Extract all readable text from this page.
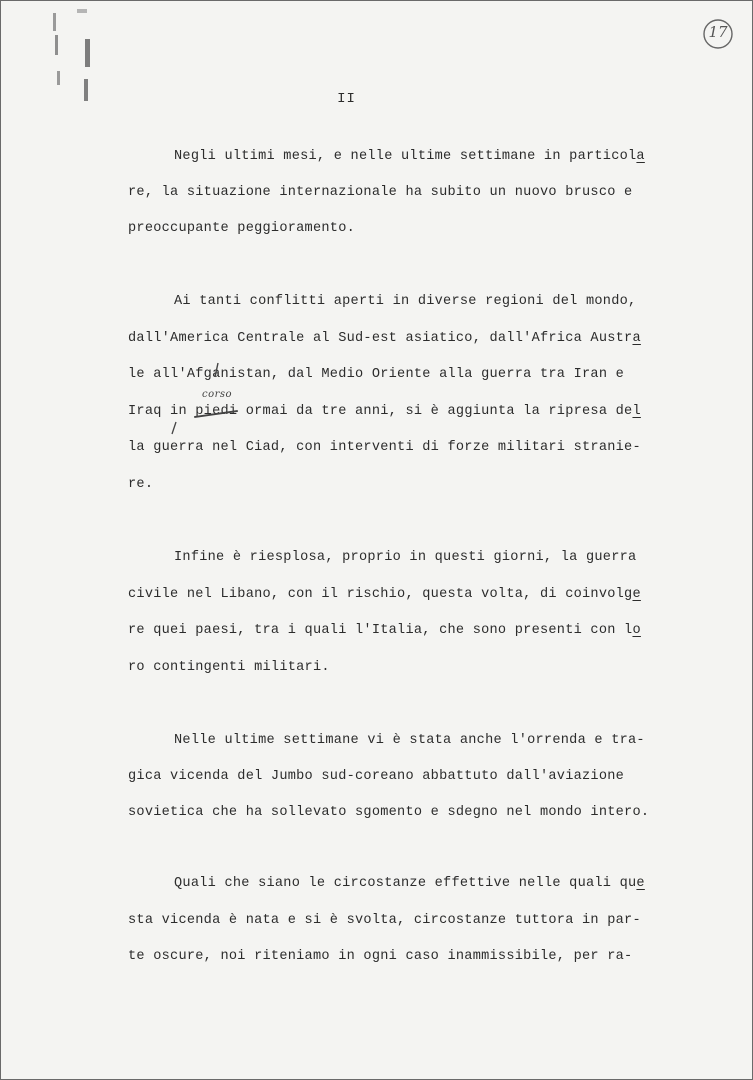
17
II
Negli ultimi mesi, e nelle ultime settimane in particola
re, la situazione internazionale ha subito un nuovo brusco e
preoccupante peggioramento.
Ai tanti conflitti aperti in diverse regioni del mondo,
dall'America Centrale al Sud-est asiatico, dall'Africa Austra
le all'Afganistan, dal Medio Oriente alla guerra tra Iran e
corso
Iraq in piedi ormai da tre anni, si è aggiunta la ripresa del
la guerra nel Ciad, con interventi di forze militari stranie-
re.
Infine è riesplosa, proprio in questi giorni, la guerra
civile nel Libano, con il rischio, questa volta, di coinvolge
re quei paesi, tra i quali l'Italia, che sono presenti con lo
ro contingenti militari.
Nelle ultime settimane vi è stata anche l'orrenda e tra-
gica vicenda del Jumbo sud-coreano abbattuto dall'aviazione
sovietica che ha sollevato sgomento e sdegno nel mondo intero.
Quali che siano le circostanze effettive nelle quali que
sta vicenda è nata e si è svolta, circostanze tuttora in par-
te oscure, noi riteniamo in ogni caso inammissibile, per ra-
